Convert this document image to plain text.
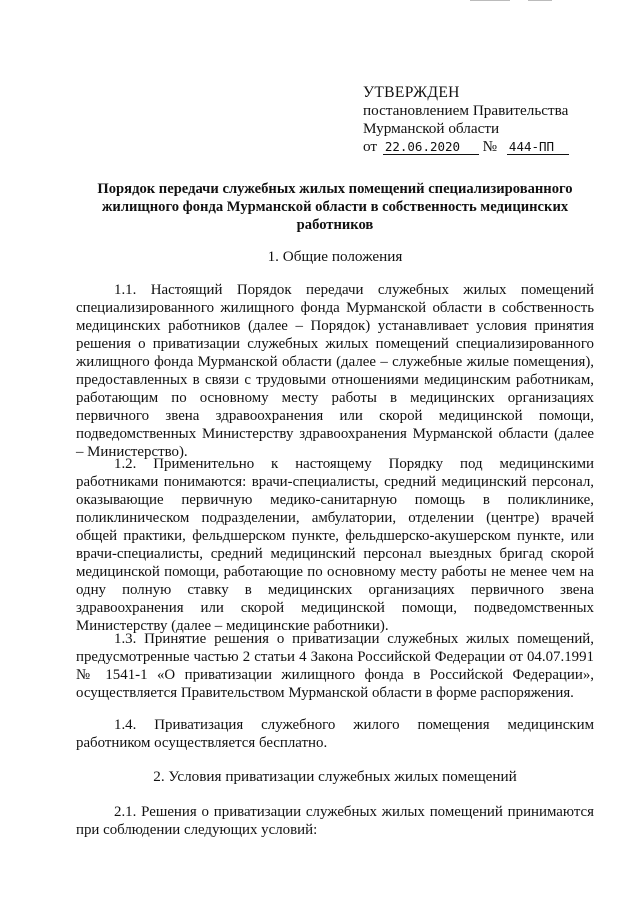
УТВЕРЖДЕН
постановлением Правительства
Мурманской области
от 22.06.2020 № 444-ПП
Порядок передачи служебных жилых помещений специализированного жилищного фонда Мурманской области в собственность медицинских работников
1. Общие положения
1.1. Настоящий Порядок передачи служебных жилых помещений специализированного жилищного фонда Мурманской области в собственность медицинских работников (далее – Порядок) устанавливает условия принятия решения о приватизации служебных жилых помещений специализированного жилищного фонда Мурманской области (далее – служебные жилые помещения), предоставленных в связи с трудовыми отношениями медицинским работникам, работающим по основному месту работы в медицинских организациях первичного звена здравоохранения или скорой медицинской помощи, подведомственных Министерству здравоохранения Мурманской области (далее – Министерство).
1.2. Применительно к настоящему Порядку под медицинскими работниками понимаются: врачи-специалисты, средний медицинский персонал, оказывающие первичную медико-санитарную помощь в поликлинике, поликлиническом подразделении, амбулатории, отделении (центре) врачей общей практики, фельдшерском пункте, фельдшерско-акушерском пункте, или врачи-специалисты, средний медицинский персонал выездных бригад скорой медицинской помощи, работающие по основному месту работы не менее чем на одну полную ставку в медицинских организациях первичного звена здравоохранения или скорой медицинской помощи, подведомственных Министерству (далее – медицинские работники).
1.3. Принятие решения о приватизации служебных жилых помещений, предусмотренные частью 2 статьи 4 Закона Российской Федерации от 04.07.1991 № 1541-1 «О приватизации жилищного фонда в Российской Федерации», осуществляется Правительством Мурманской области в форме распоряжения.
1.4. Приватизация служебного жилого помещения медицинским работником осуществляется бесплатно.
2. Условия приватизации служебных жилых помещений
2.1. Решения о приватизации служебных жилых помещений принимаются при соблюдении следующих условий:
